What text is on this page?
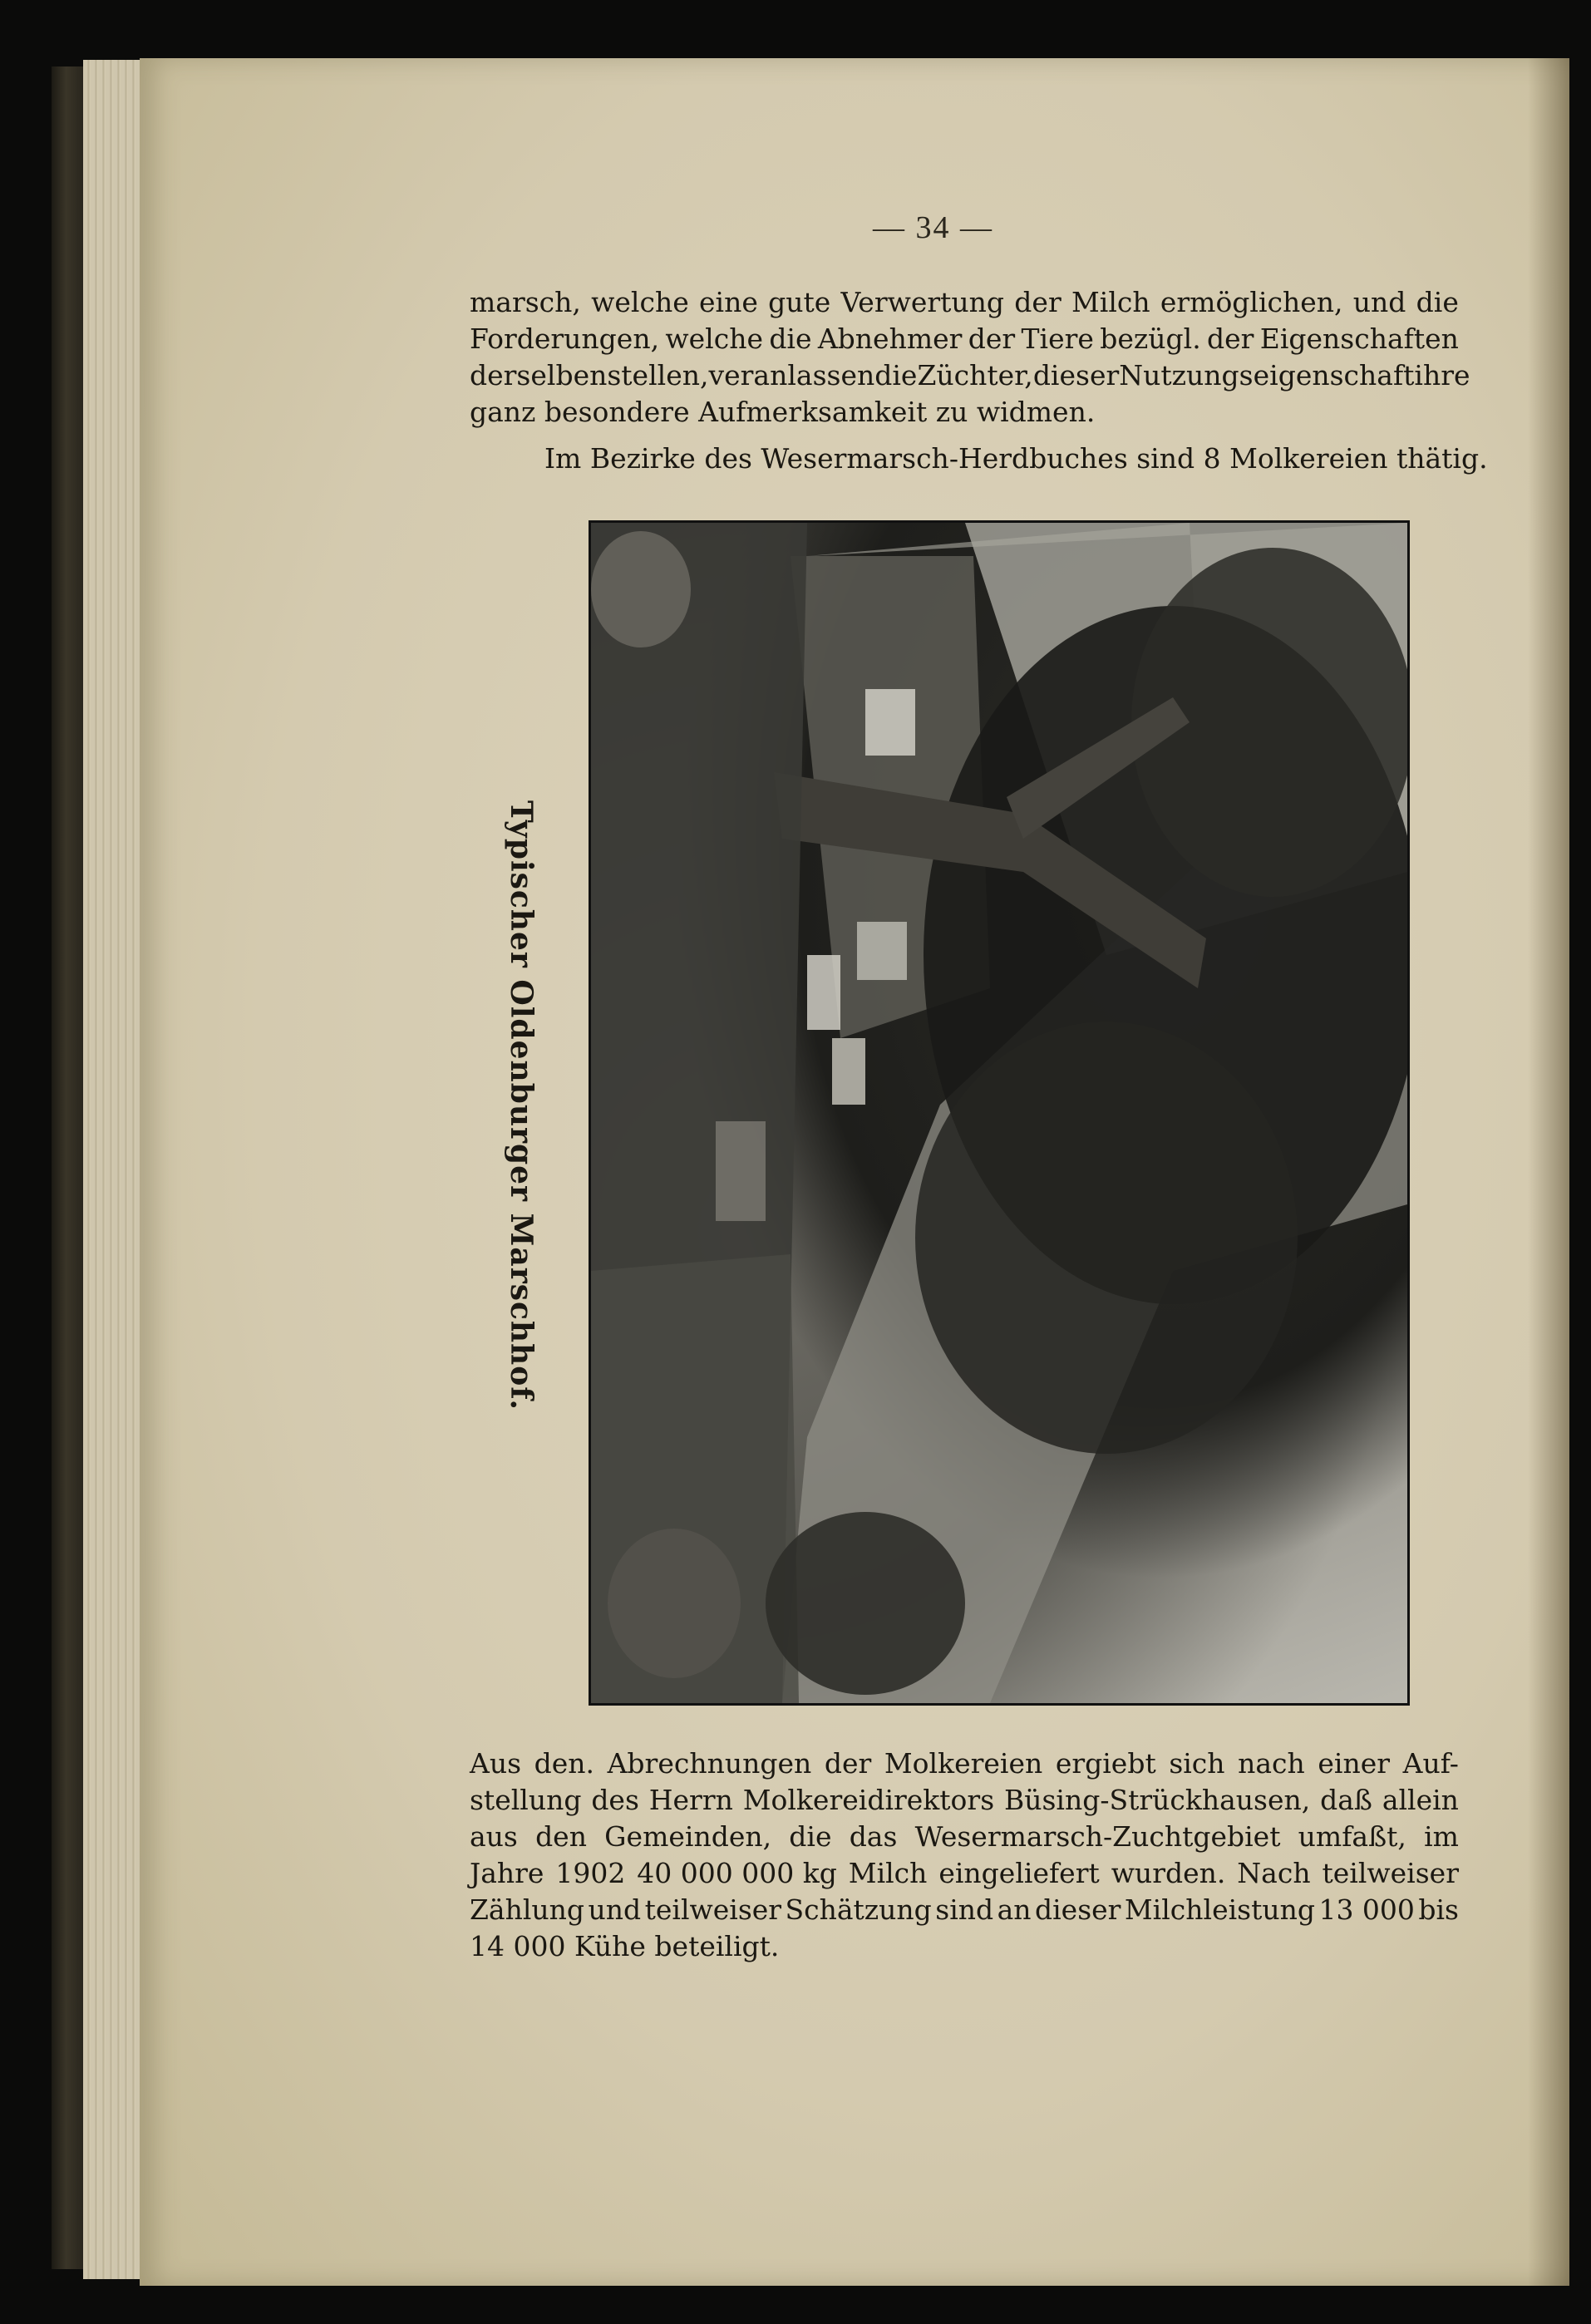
— 34 —
marsch, welche eine gute Verwertung der Milch ermöglichen, und die
Forderungen, welche die Abnehmer der Tiere bezügl. der Eigenschaften
derselben stellen, veranlassen die Züchter, dieser Nutzungseigenschaft ihre
ganz besondere Aufmerksamkeit zu widmen.
Im Bezirke des Wesermarsch-Herdbuches sind 8 Molkereien thätig.
Typischer Oldenburger Marschhof.
Aus den. Abrechnungen der Molkereien ergiebt sich nach einer Auf-
stellung des Herrn Molkereidirektors Büsing-Strückhausen, daß allein
aus den Gemeinden, die das Wesermarsch-Zuchtgebiet umfaßt, im
Jahre 1902 40 000 000 kg Milch eingeliefert wurden. Nach teilweiser
Zählung und teilweiser Schätzung sind an dieser Milchleistung 13 000 bis
14 000 Kühe beteiligt.
